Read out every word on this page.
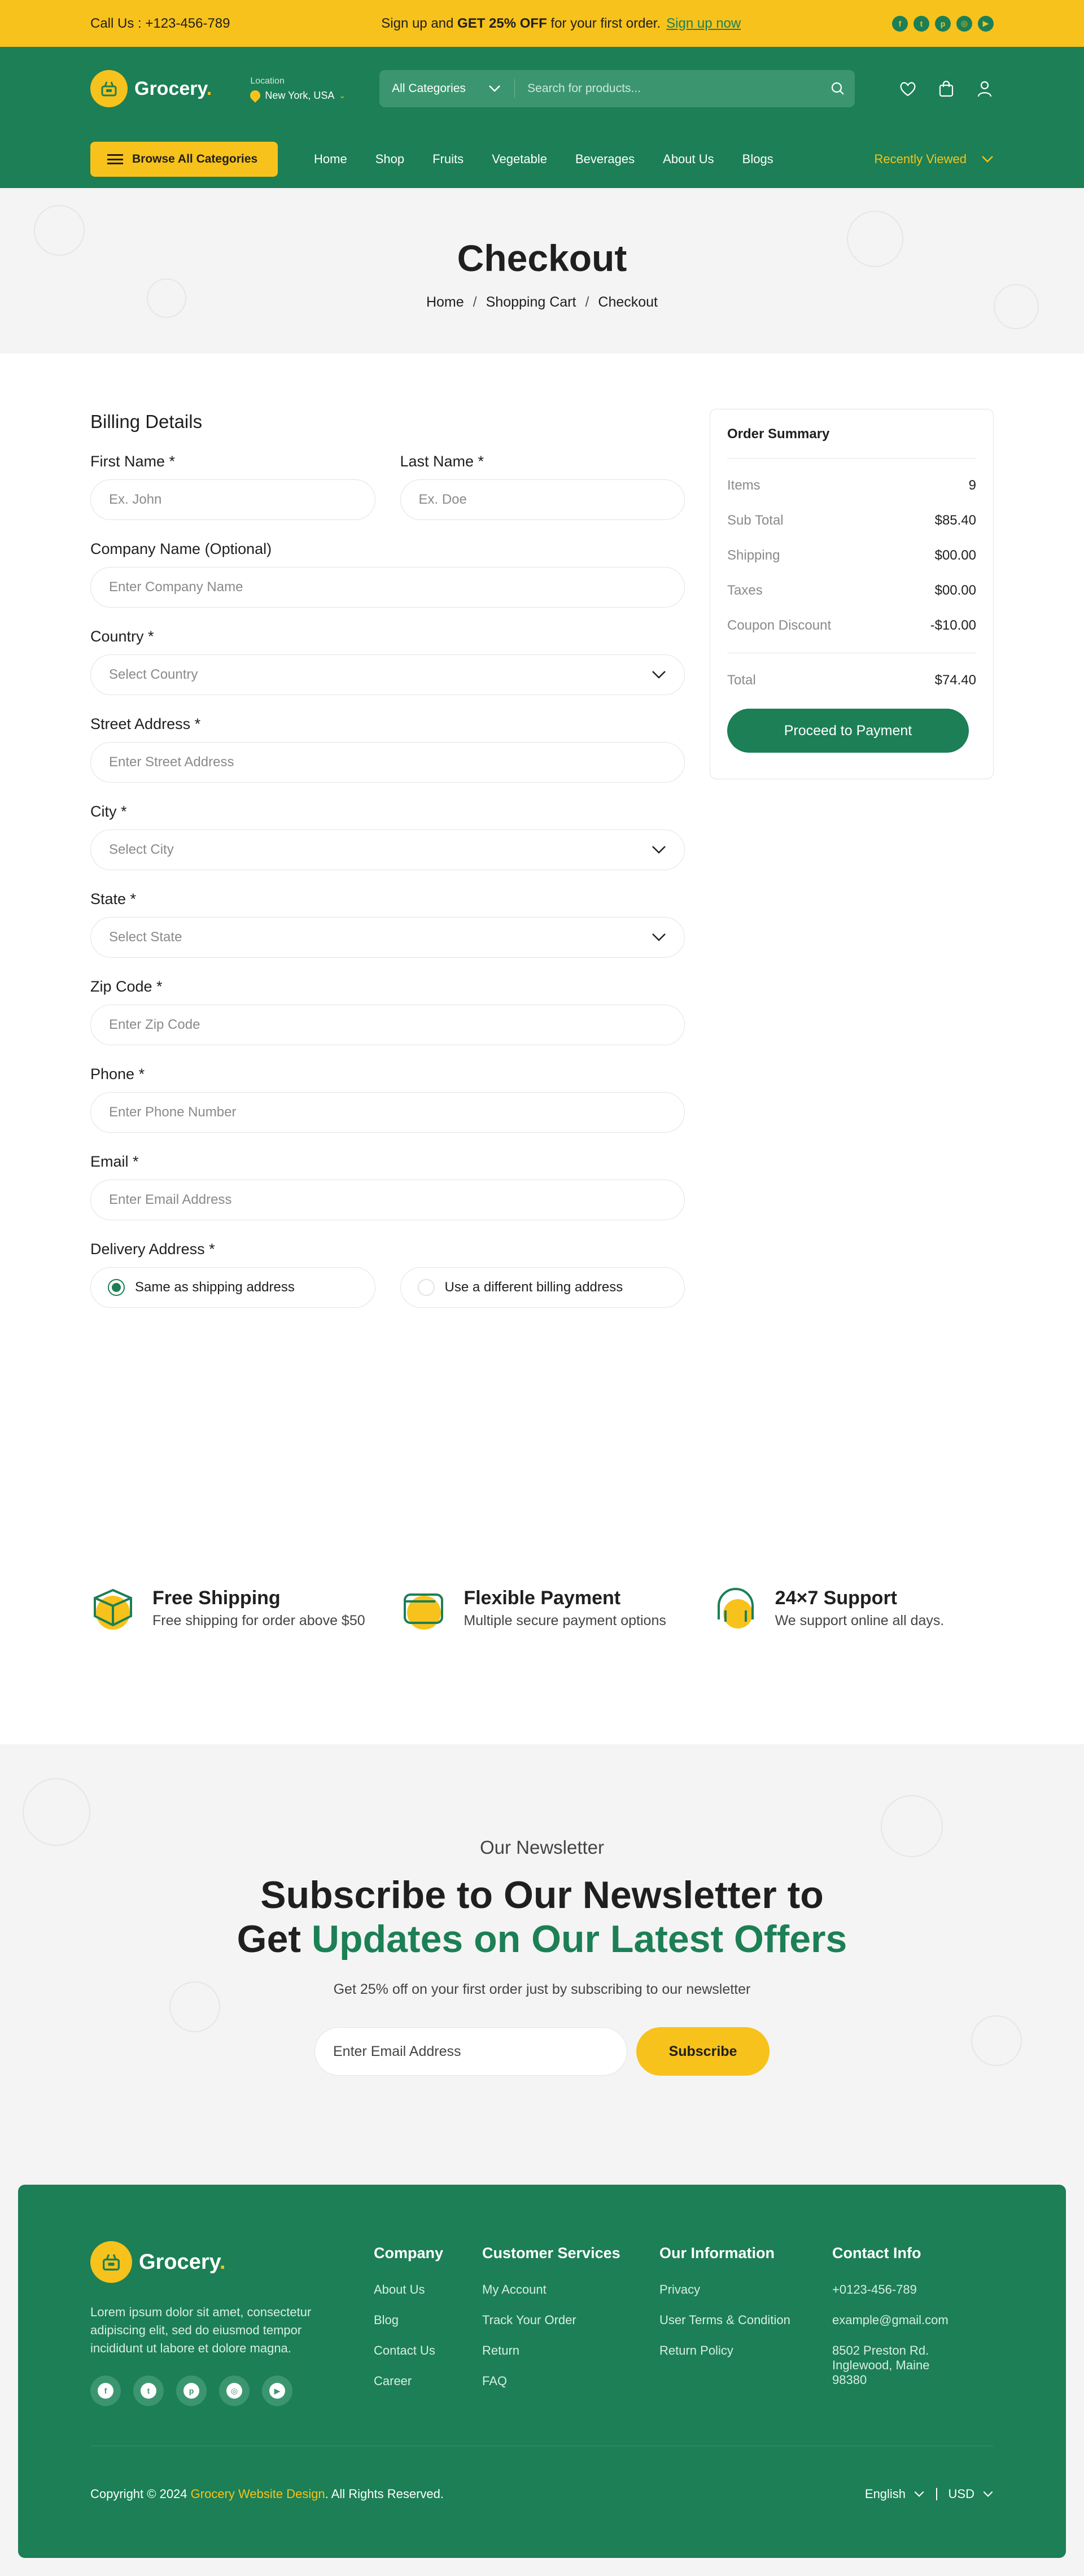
Call Us : +123-456-789	Sign up and GET 25% OFF for your first order. Sign up now	f	t	p	◎	▶
Grocery.	Location
New York, USA ⌄
All Categories	Search for products...
Browse All Categories	Home Shop Fruits Vegetable Beverages About Us Blogs	Recently Viewed
Checkout
Home / Shopping Cart / Checkout
Billing Details
First Name *
Ex. John
Last Name *
Ex. Doe
Company Name (Optional)
Enter Company Name
Country *
Select Country
Street Address *
Enter Street Address
City *
Select City
State *
Select State
Zip Code *
Enter Zip Code
Phone *
Enter Phone Number
Email *
Enter Email Address
Delivery Address *
Same as shipping address	Use a different billing address
Order Summary
Items	9
Sub Total	$85.40
Shipping	$00.00
Taxes	$00.00
Coupon Discount	-$10.00
Total	$74.40
Proceed to Payment
Free Shipping

Free shipping for order above $50

Flexible Payment

Multiple secure payment options

24×7 Support

We support online all days.

Our Newsletter
Subscribe to Our Newsletter to
Get Updates on Our Latest Offers
Get 25% off on your first order just by subscribing to our newsletter
Enter Email Address	Subscribe
Grocery.

Lorem ipsum dolor sit amet, consectetur adipiscing elit, sed do eiusmod tempor incididunt ut labore et dolore magna.

f	t	p	◎	▶
Company
About Us
Blog
Contact Us
Career
Customer Services
My Account
Track Your Order
Return
FAQ
Our Information
Privacy
User Terms & Condition
Return Policy
Contact Info
+0123-456-789
example@gmail.com
8502 Preston Rd. Inglewood, Maine 98380
Copyright © 2024 Grocery Website Design. All Rights Reserved.	English	USD
